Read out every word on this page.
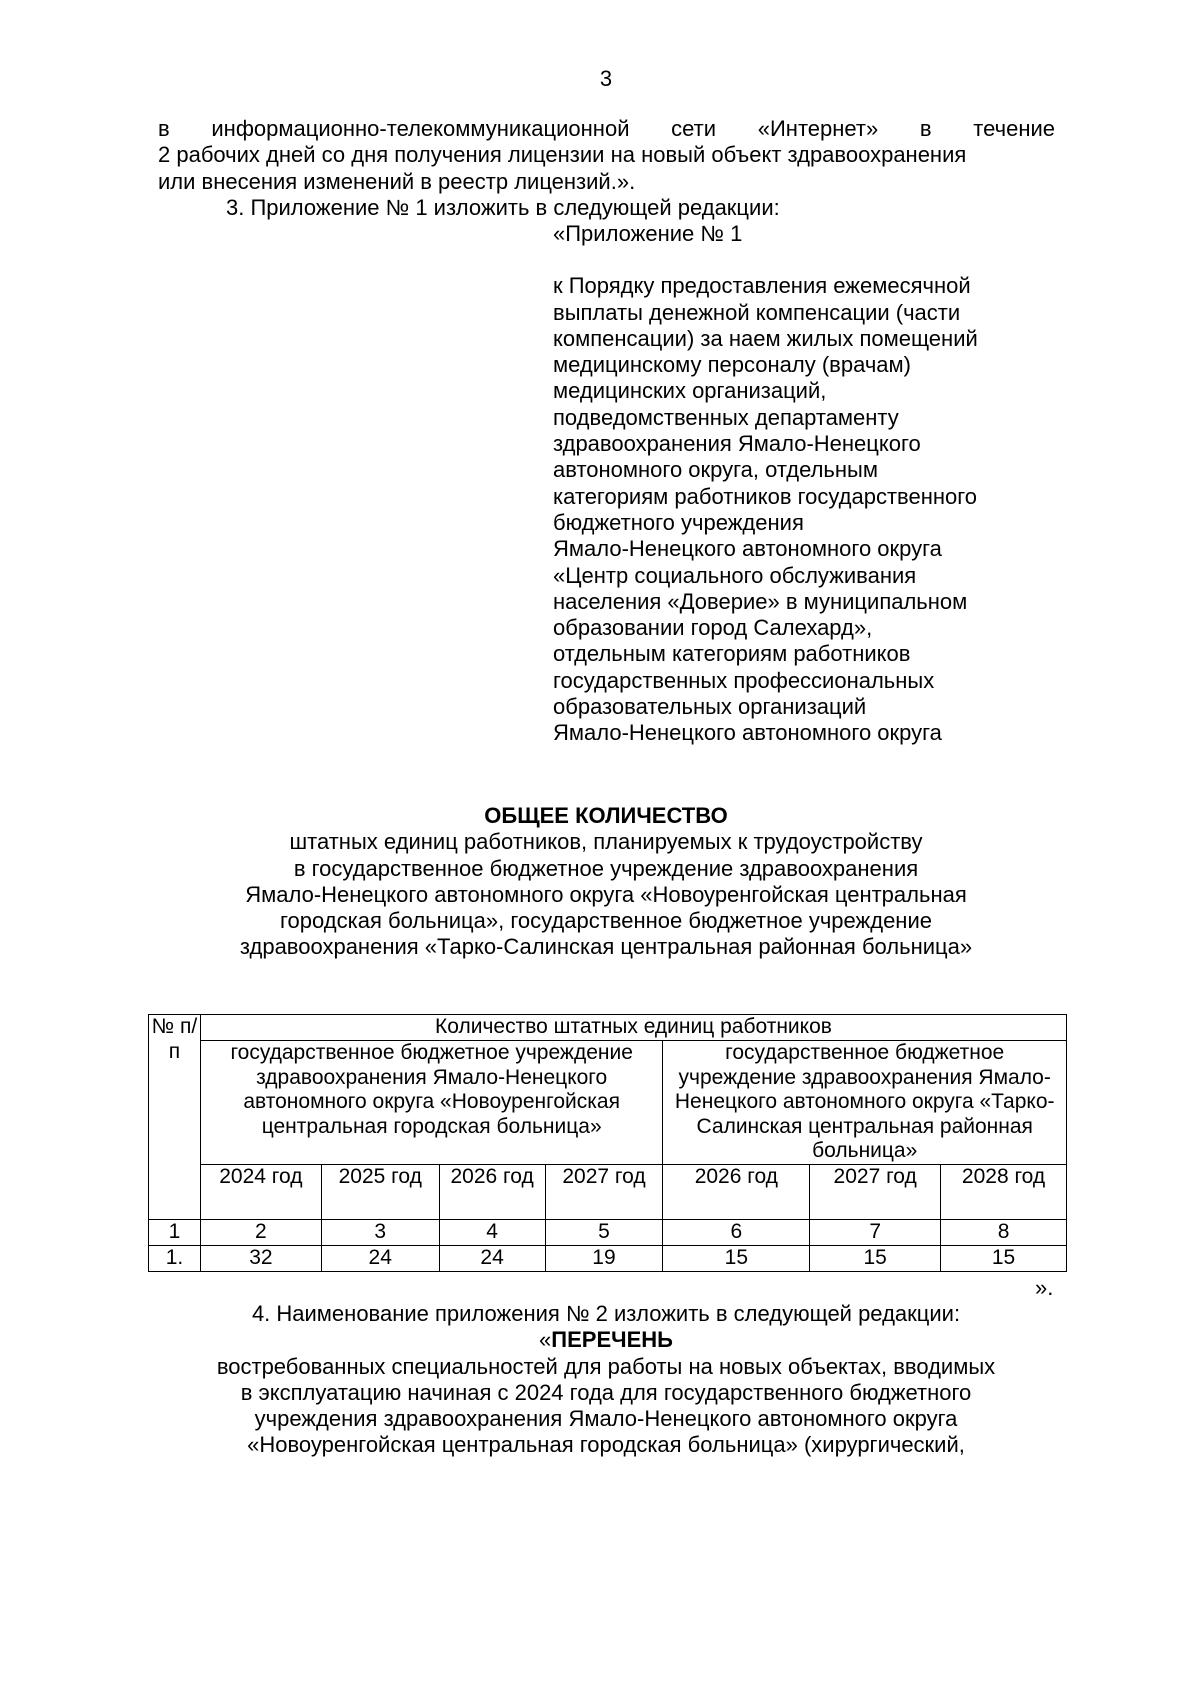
3
в информационно-телекоммуникационной сети «Интернет» в течение
2 рабочих дней со дня получения лицензии на новый объект здравоохранения
или внесения изменений в реестр лицензий.».
3. Приложение № 1 изложить в следующей редакции:
«Приложение № 1
к Порядку предоставления ежемесячной
выплаты денежной компенсации (части
компенсации) за наем жилых помещений
медицинскому персоналу (врачам)
медицинских организаций,
подведомственных департаменту
здравоохранения Ямало-Ненецкого
автономного округа, отдельным
категориям работников государственного
бюджетного учреждения
Ямало-Ненецкого автономного округа
«Центр социального обслуживания
населения «Доверие» в муниципальном
образовании город Салехард»,
отдельным категориям работников
государственных профессиональных
образовательных организаций
Ямало-Ненецкого автономного округа
ОБЩЕЕ КОЛИЧЕСТВО
штатных единиц работников, планируемых к трудоустройству
в государственное бюджетное учреждение здравоохранения
Ямало-Ненецкого автономного округа «Новоуренгойская центральная
городская больница», государственное бюджетное учреждение
здравоохранения «Тарко-Салинская центральная районная больница»
№ п/п	Количество штатных единиц работников						
	государственное бюджетное учреждение здравоохранения Ямало-Ненецкого автономного округа «Новоуренгойская центральная городская больница»				государственное бюджетное учреждение здравоохранения Ямало-Ненецкого автономного округа «Тарко-Салинская центральная районная больница»		
	2024 год	2025 год	2026 год	2027 год	2026 год	2027 год	2028 год
1	2	3	4	5	6	7	8
1.	32	24	24	19	15	15	15
».
4. Наименование приложения № 2 изложить в следующей редакции:
«ПЕРЕЧЕНЬ
востребованных специальностей для работы на новых объектах, вводимых
в эксплуатацию начиная с 2024 года для государственного бюджетного
учреждения здравоохранения Ямало-Ненецкого автономного округа
«Новоуренгойская центральная городская больница» (хирургический,
